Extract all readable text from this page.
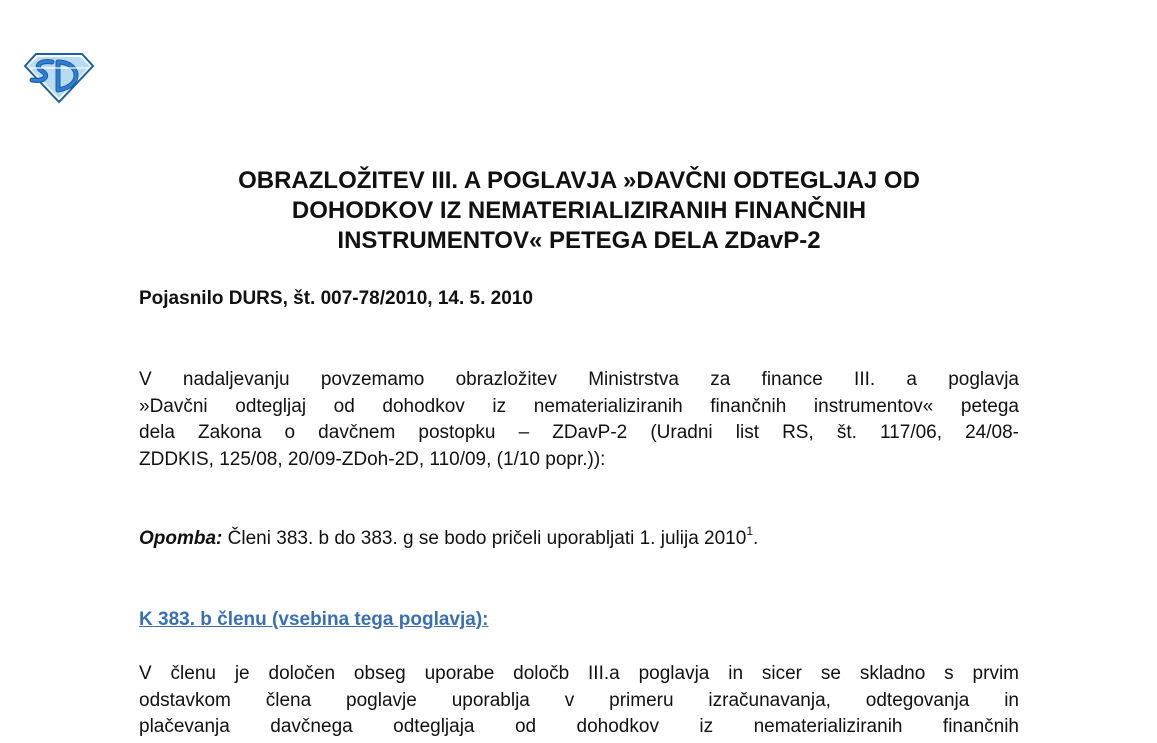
OBRAZLOŽITEV III. A POGLAVJA »DAVČNI ODTEGLJAJ OD
DOHODKOV IZ NEMATERIALIZIRANIH FINANČNIH
INSTRUMENTOV« PETEGA DELA ZDavP-2

Pojasnilo DURS, št. 007-78/2010, 14. 5. 2010

V nadaljevanju povzemamo obrazložitev Ministrstva za finance III. a poglavja
»Davčni odtegljaj od dohodkov iz nematerializiranih finančnih instrumentov« petega
dela Zakona o davčnem postopku – ZDavP-2 (Uradni list RS, št. 117/06, 24/08-
ZDDKIS, 125/08, 20/09-ZDoh-2D, 110/09, (1/10 popr.)):

Opomba: Členi 383. b do 383. g se bodo pričeli uporabljati 1. julija 2010$^1$.

K 383. b členu (vsebina tega poglavja):

V členu je določen obseg uporabe določb III.a poglavja in sicer se skladno s prvim
odstavkom člena poglavje uporablja v primeru izračunavanja, odtegovanja in
plačevanja davčnega odtegljaja od dohodkov iz nematerializiranih finančnih
